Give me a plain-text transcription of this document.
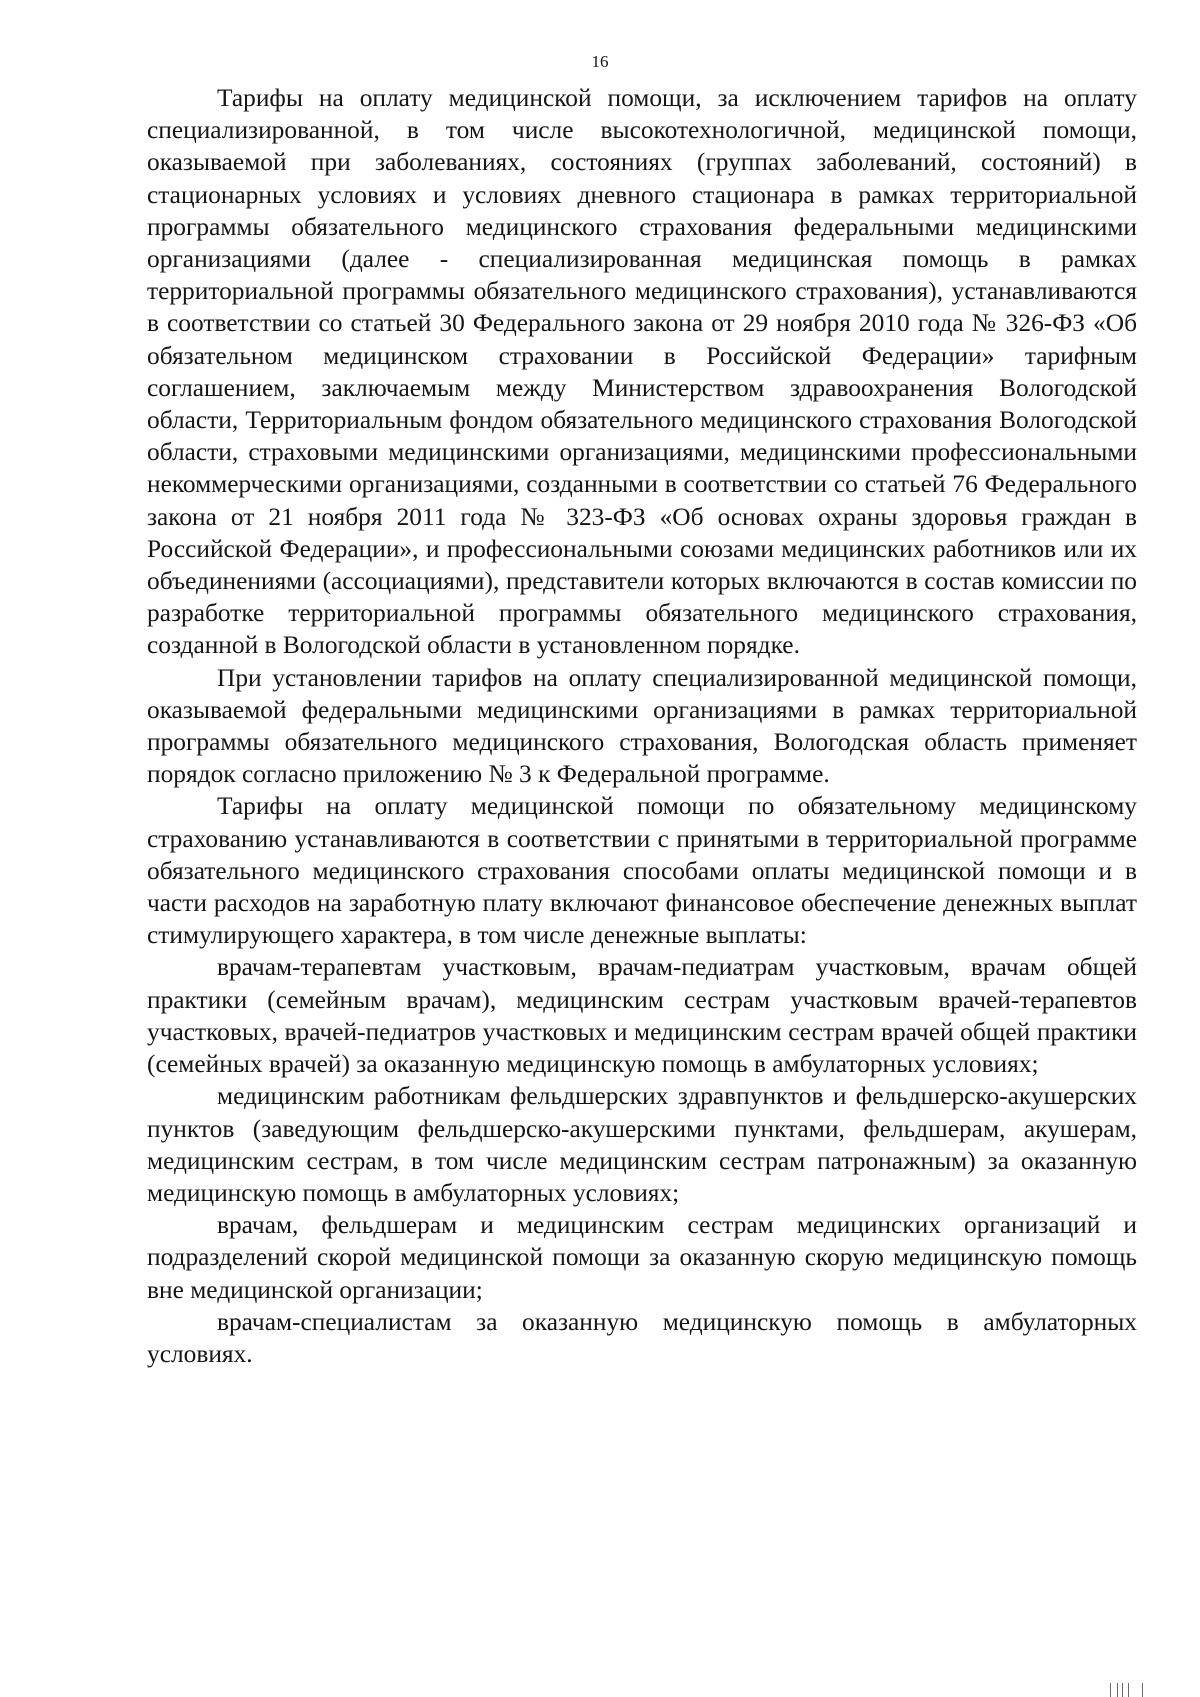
16

Тарифы на оплату медицинской помощи, за исключением тарифов на оплату специализированной, в том числе высокотехнологичной, медицинской помощи, оказываемой при заболеваниях, состояниях (группах заболеваний, состояний) в стационарных условиях и условиях дневного стационара в рамках территориальной программы обязательного медицинского страхования федеральными медицинскими организациями (далее - специализированная медицинская помощь в рамках территориальной программы обязательного медицинского страхования), устанавливаются в соответствии со статьей 30 Федерального закона от 29 ноября 2010 года № 326-ФЗ «Об обязательном медицинском страховании в Российской Федерации» тарифным соглашением, заключаемым между Министерством здравоохранения Вологодской области, Территориальным фондом обязательного медицинского страхования Вологодской области, страховыми медицинскими организациями, медицинскими профессиональными некоммерческими организациями, созданными в соответствии со статьей 76 Федерального закона от 21 ноября 2011 года № 323-ФЗ «Об основах охраны здоровья граждан в Российской Федерации», и профессиональными союзами медицинских работников или их объединениями (ассоциациями), представители которых включаются в состав комиссии по разработке территориальной программы обязательного медицинского страхования, созданной в Вологодской области в установленном порядке.

При установлении тарифов на оплату специализированной медицинской помощи, оказываемой федеральными медицинскими организациями в рамках территориальной программы обязательного медицинского страхования, Вологодская область применяет порядок согласно приложению № 3 к Федеральной программе.

Тарифы на оплату медицинской помощи по обязательному медицинскому страхованию устанавливаются в соответствии с принятыми в территориальной программе обязательного медицинского страхования способами оплаты медицинской помощи и в части расходов на заработную плату включают финансовое обеспечение денежных выплат стимулирующего характера, в том числе денежные выплаты:

врачам-терапевтам участковым, врачам-педиатрам участковым, врачам общей практики (семейным врачам), медицинским сестрам участковым врачей-терапевтов участковых, врачей-педиатров участковых и медицинским сестрам врачей общей практики (семейных врачей) за оказанную медицинскую помощь в амбулаторных условиях;

медицинским работникам фельдшерских здравпунктов и фельдшерско-акушерских пунктов (заведующим фельдшерско-акушерскими пунктами, фельдшерам, акушерам, медицинским сестрам, в том числе медицинским сестрам патронажным) за оказанную медицинскую помощь в амбулаторных условиях;

врачам, фельдшерам и медицинским сестрам медицинских организаций и подразделений скорой медицинской помощи за оказанную скорую медицинскую помощь вне медицинской организации;

врачам-специалистам за оказанную медицинскую помощь в амбулаторных условиях.
